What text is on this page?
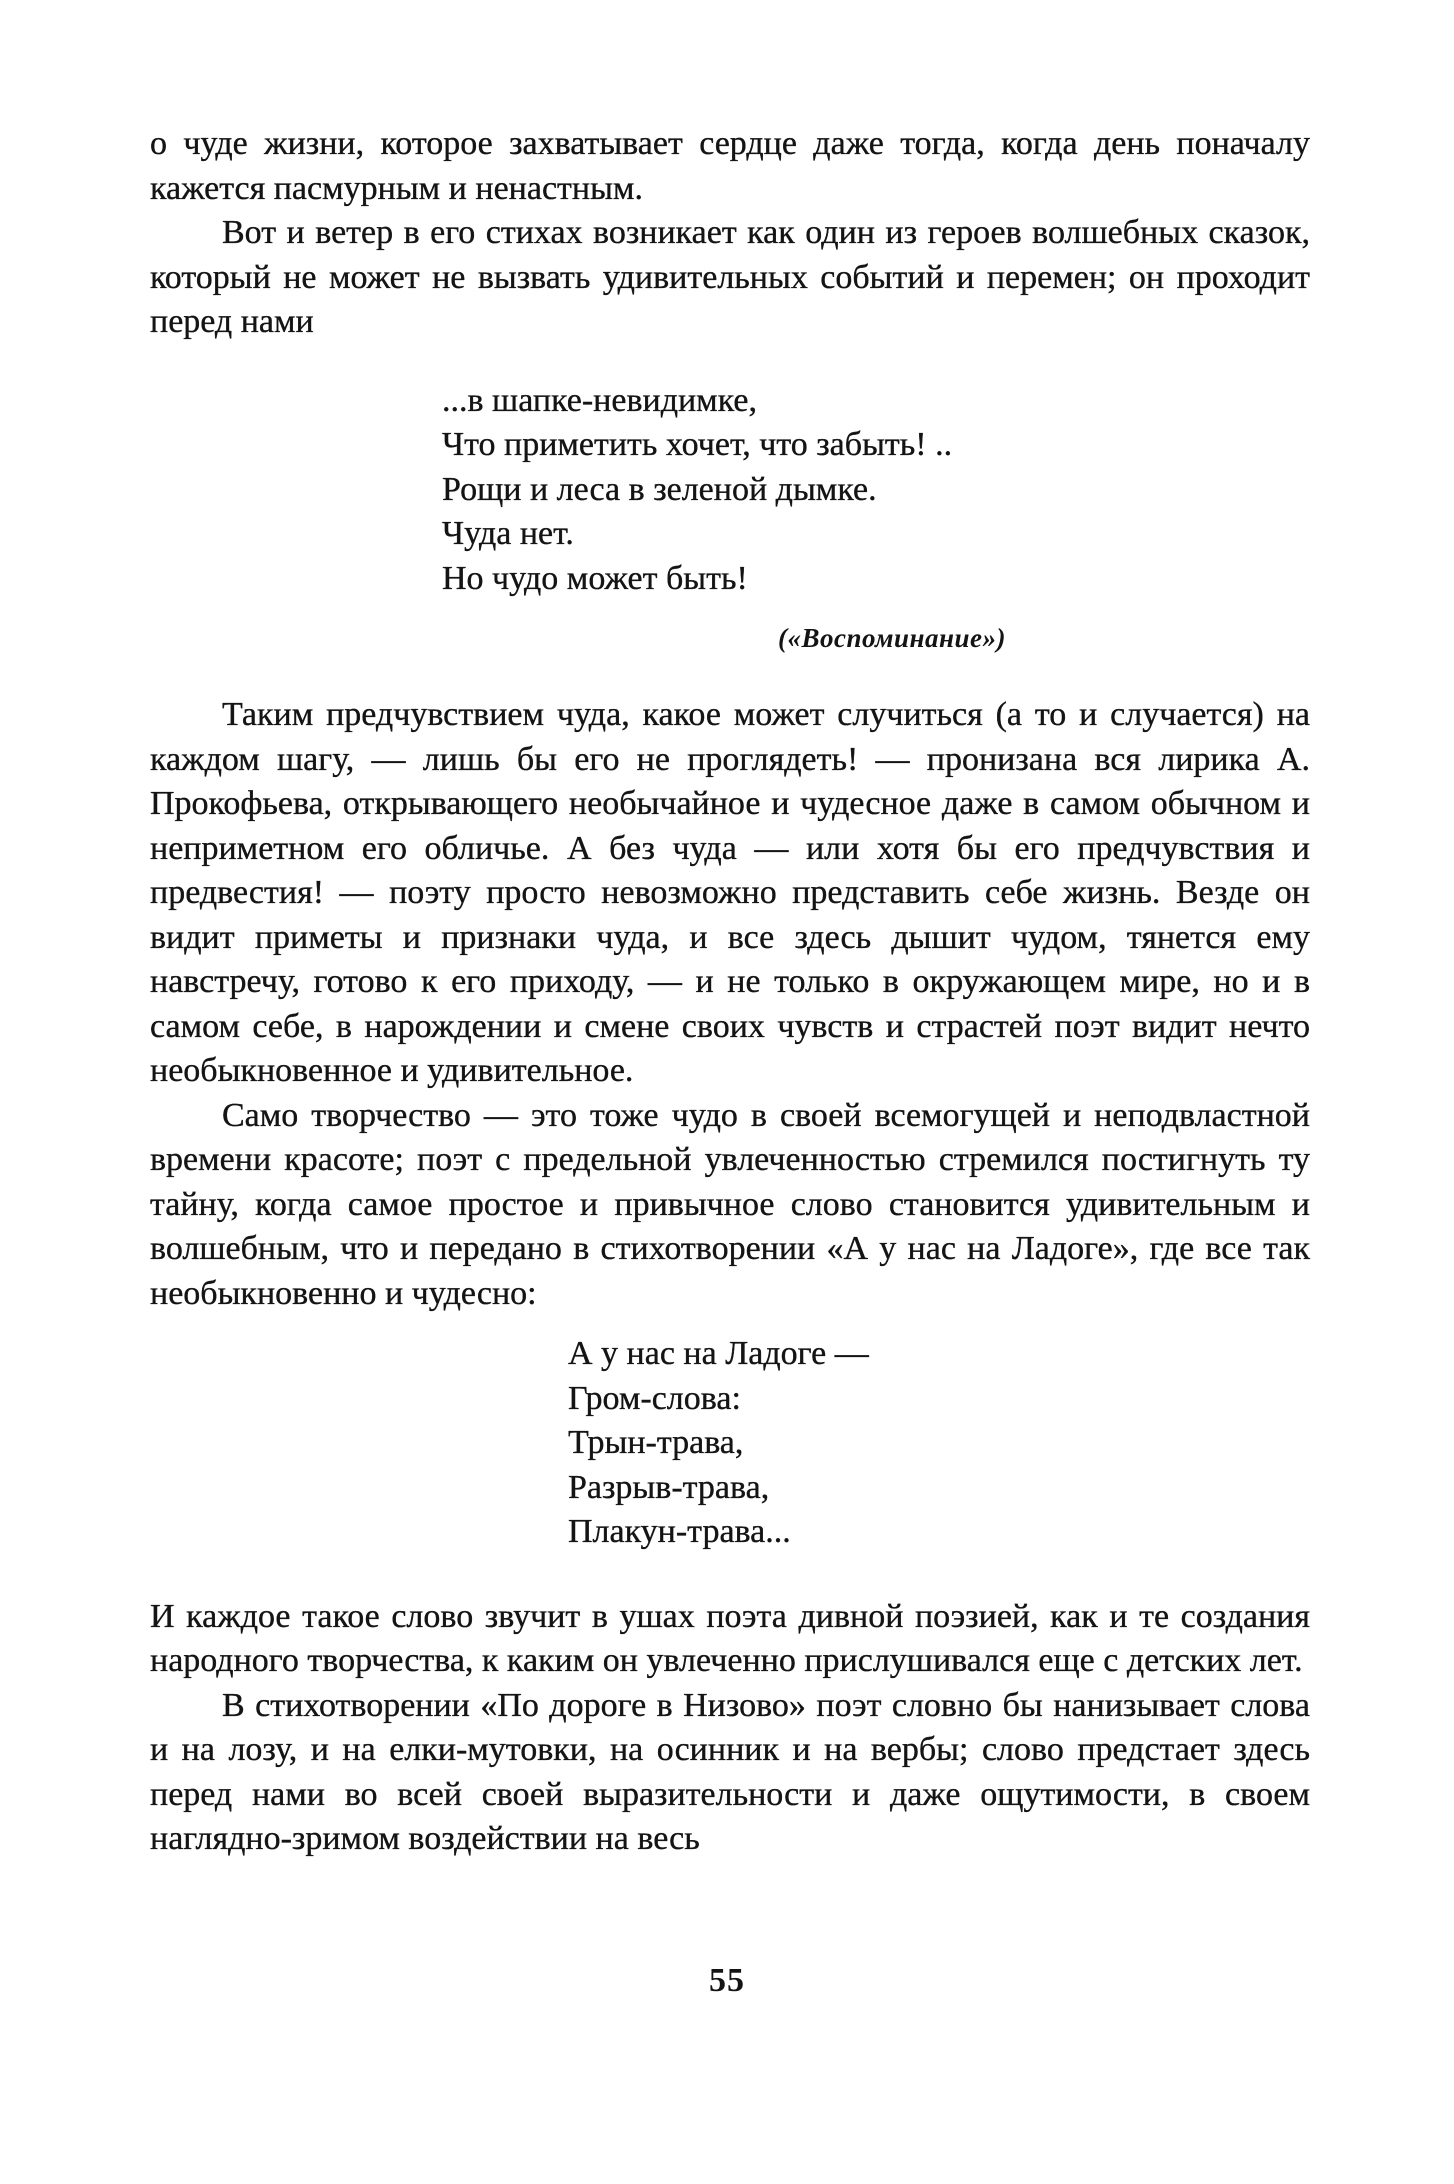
о чуде жизни, которое захватывает сердце даже тогда, когда день поначалу кажется пасмурным и ненастным.

Вот и ветер в его стихах возникает как один из героев волшебных сказок, который не может не вызвать удивительных событий и перемен; он проходит перед нами

...в шапке-невидимке,
Что приметить хочет, что забыть! ..
Рощи и леса в зеленой дымке.
Чуда нет.
Но чудо может быть!

(«Воспоминание»)

Таким предчувствием чуда, какое может случиться (а то и случается) на каждом шагу, — лишь бы его не проглядеть! — пронизана вся лирика А. Прокофьева, открывающего необычайное и чудесное даже в самом обычном и неприметном его обличье. А без чуда — или хотя бы его предчувствия и предвестия! — поэту просто невозможно представить себе жизнь. Везде он видит приметы и признаки чуда, и все здесь дышит чудом, тянется ему навстречу, готово к его приходу, — и не только в окружающем мире, но и в самом себе, в нарождении и смене своих чувств и страстей поэт видит нечто необыкновенное и удивительное.

Само творчество — это тоже чудо в своей всемогущей и неподвластной времени красоте; поэт с предельной увлеченностью стремился постигнуть ту тайну, когда самое простое и привычное слово становится удивительным и волшебным, что и передано в стихотворении «А у нас на Ладоге», где все так необыкновенно и чудесно:

А у нас на Ладоге —
Гром-слова:
Трын-трава,
Разрыв-трава,
Плакун-трава...

И каждое такое слово звучит в ушах поэта дивной поэзией, как и те создания народного творчества, к каким он увлеченно прислушивался еще с детских лет.

В стихотворении «По дороге в Низово» поэт словно бы нанизывает слова и на лозу, и на елки-мутовки, на осинник и на вербы; слово предстает здесь перед нами во всей своей выразительности и даже ощутимости, в своем наглядно-зримом воздействии на весь

55
